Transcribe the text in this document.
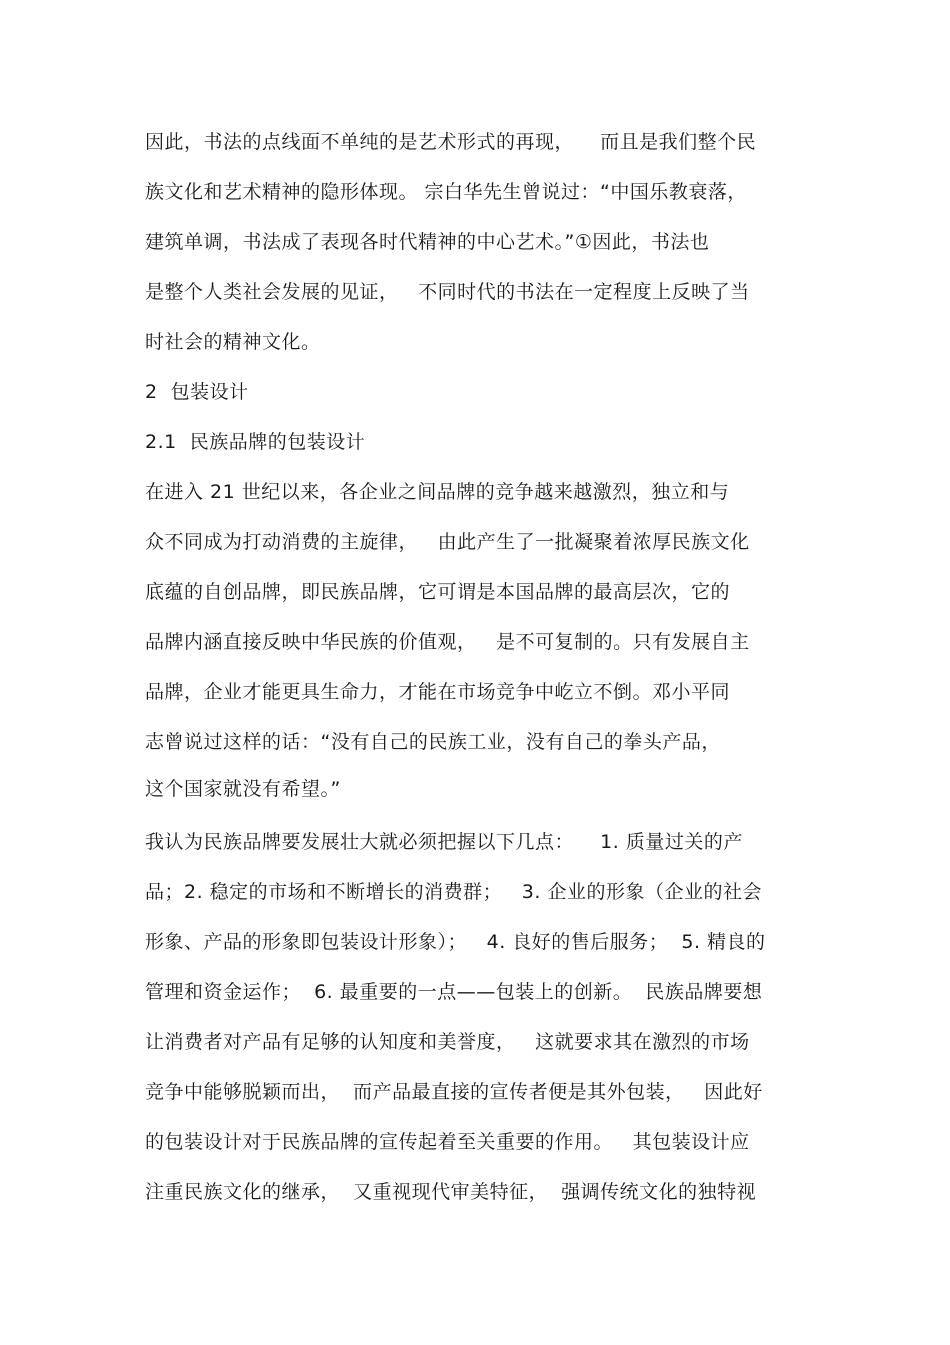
因此，书法的点线面不单纯的是艺术形式的再现，    而且是我们整个民
族文化和艺术精神的隐形体现。 宗白华先生曾说过：“中国乐教衰落，
建筑单调，书法成了表现各时代精神的中心艺术。”①因此，书法也
是整个人类社会发展的见证，   不同时代的书法在一定程度上反映了当
时社会的精神文化。
2  包装设计
2.1  民族品牌的包装设计
在进入 21 世纪以来，各企业之间品牌的竞争越来越激烈，独立和与
众不同成为打动消费的主旋律，   由此产生了一批凝聚着浓厚民族文化
底蕴的自创品牌，即民族品牌，它可谓是本国品牌的最高层次，它的
品牌内涵直接反映中华民族的价值观，   是不可复制的。只有发展自主
品牌，企业才能更具生命力，才能在市场竞争中屹立不倒。邓小平同
志曾说过这样的话：“没有自己的民族工业，没有自己的拳头产品，
这个国家就没有希望。”
我认为民族品牌要发展壮大就必须把握以下几点：    1. 质量过关的产
品；2. 稳定的市场和不断增长的消费群；   3. 企业的形象（企业的社会
形象、产品的形象即包装设计形象）；   4. 良好的售后服务；  5. 精良的
管理和资金运作；  6. 最重要的一点——包装上的创新。  民族品牌要想
让消费者对产品有足够的认知度和美誉度，   这就要求其在激烈的市场
竞争中能够脱颖而出，  而产品最直接的宣传者便是其外包装，   因此好
的包装设计对于民族品牌的宣传起着至关重要的作用。   其包装设计应
注重民族文化的继承，  又重视现代审美特征，  强调传统文化的独特视
